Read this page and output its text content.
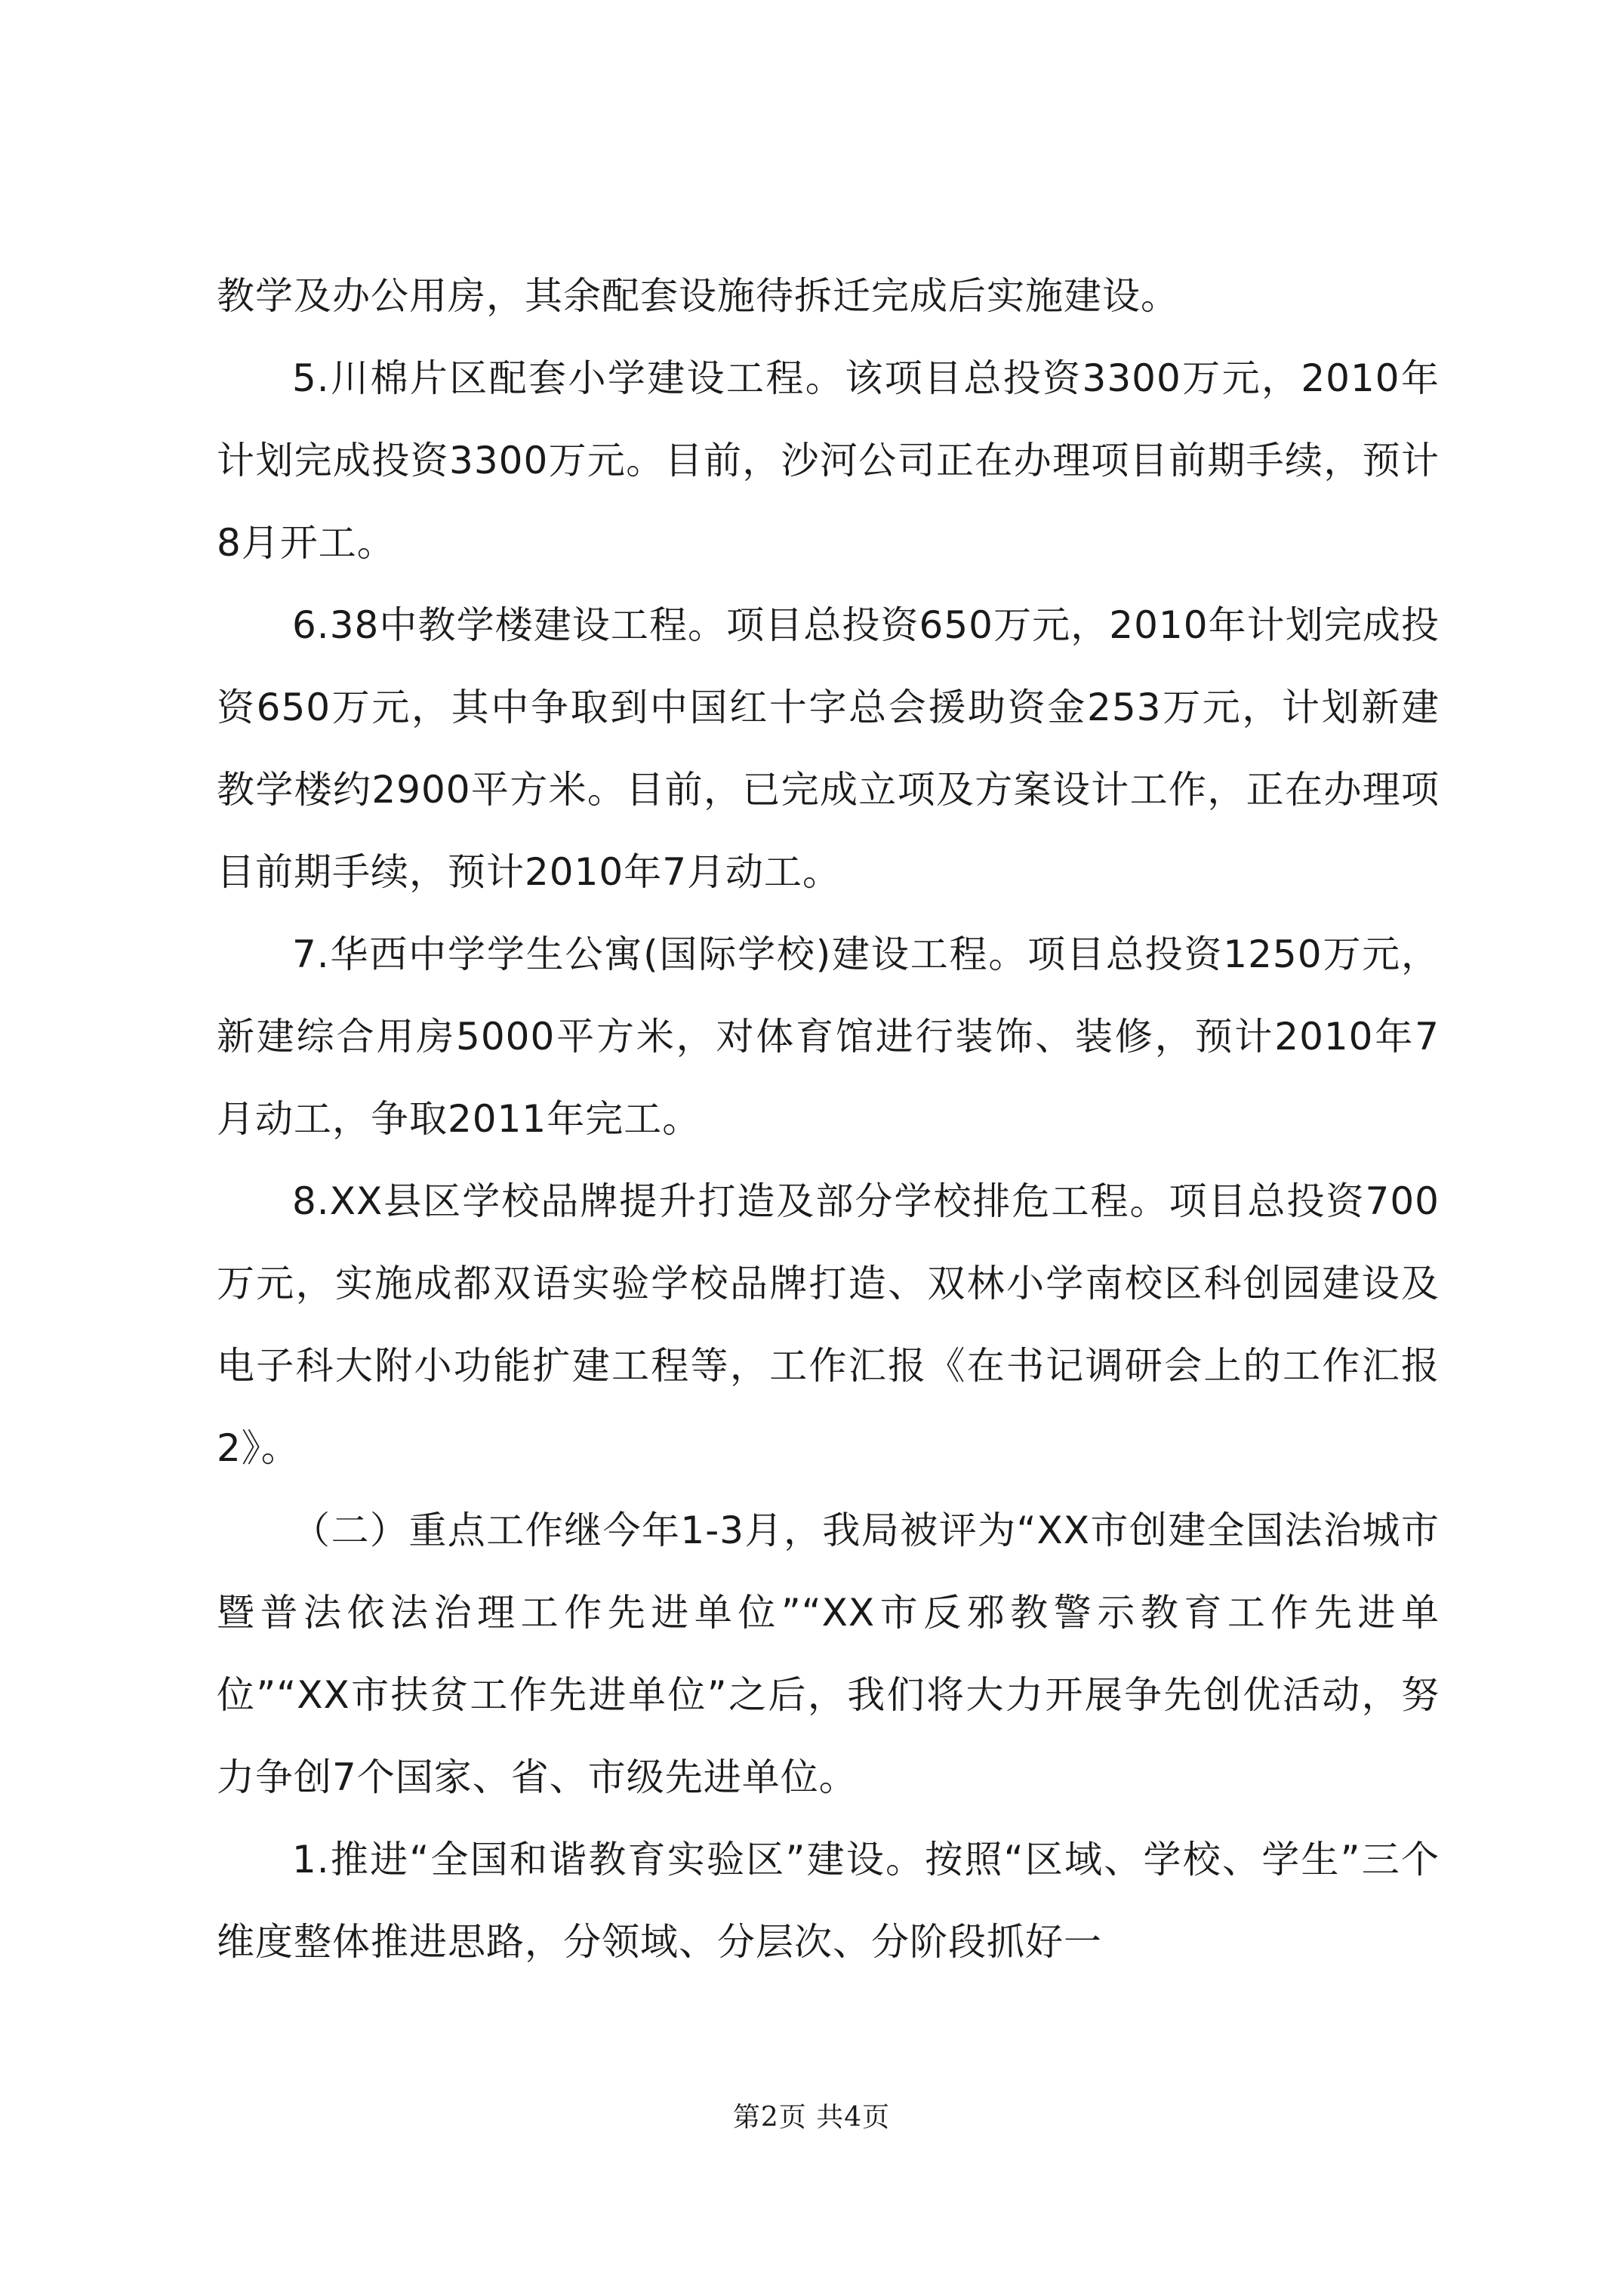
教学及办公用房，其余配套设施待拆迁完成后实施建设。

5.川棉片区配套小学建设工程。该项目总投资3300万元，2010年计划完成投资3300万元。目前，沙河公司正在办理项目前期手续，预计8月开工。

6.38中教学楼建设工程。项目总投资650万元，2010年计划完成投资650万元，其中争取到中国红十字总会援助资金253万元，计划新建教学楼约2900平方米。目前，已完成立项及方案设计工作，正在办理项目前期手续，预计2010年7月动工。

7.华西中学学生公寓(国际学校)建设工程。项目总投资1250万元，新建综合用房5000平方米，对体育馆进行装饰、装修，预计2010年7月动工，争取2011年完工。

8.XX县区学校品牌提升打造及部分学校排危工程。项目总投资700万元，实施成都双语实验学校品牌打造、双林小学南校区科创园建设及电子科大附小功能扩建工程等，工作汇报《在书记调研会上的工作汇报2》。

（二）重点工作继今年1-3月，我局被评为“XX市创建全国法治城市暨普法依法治理工作先进单位”“XX市反邪教警示教育工作先进单位”“XX市扶贫工作先进单位”之后，我们将大力开展争先创优活动，努力争创7个国家、省、市级先进单位。

1.推进“全国和谐教育实验区”建设。按照“区域、学校、学生”三个维度整体推进思路，分领域、分层次、分阶段抓好一

第2页 共4页
